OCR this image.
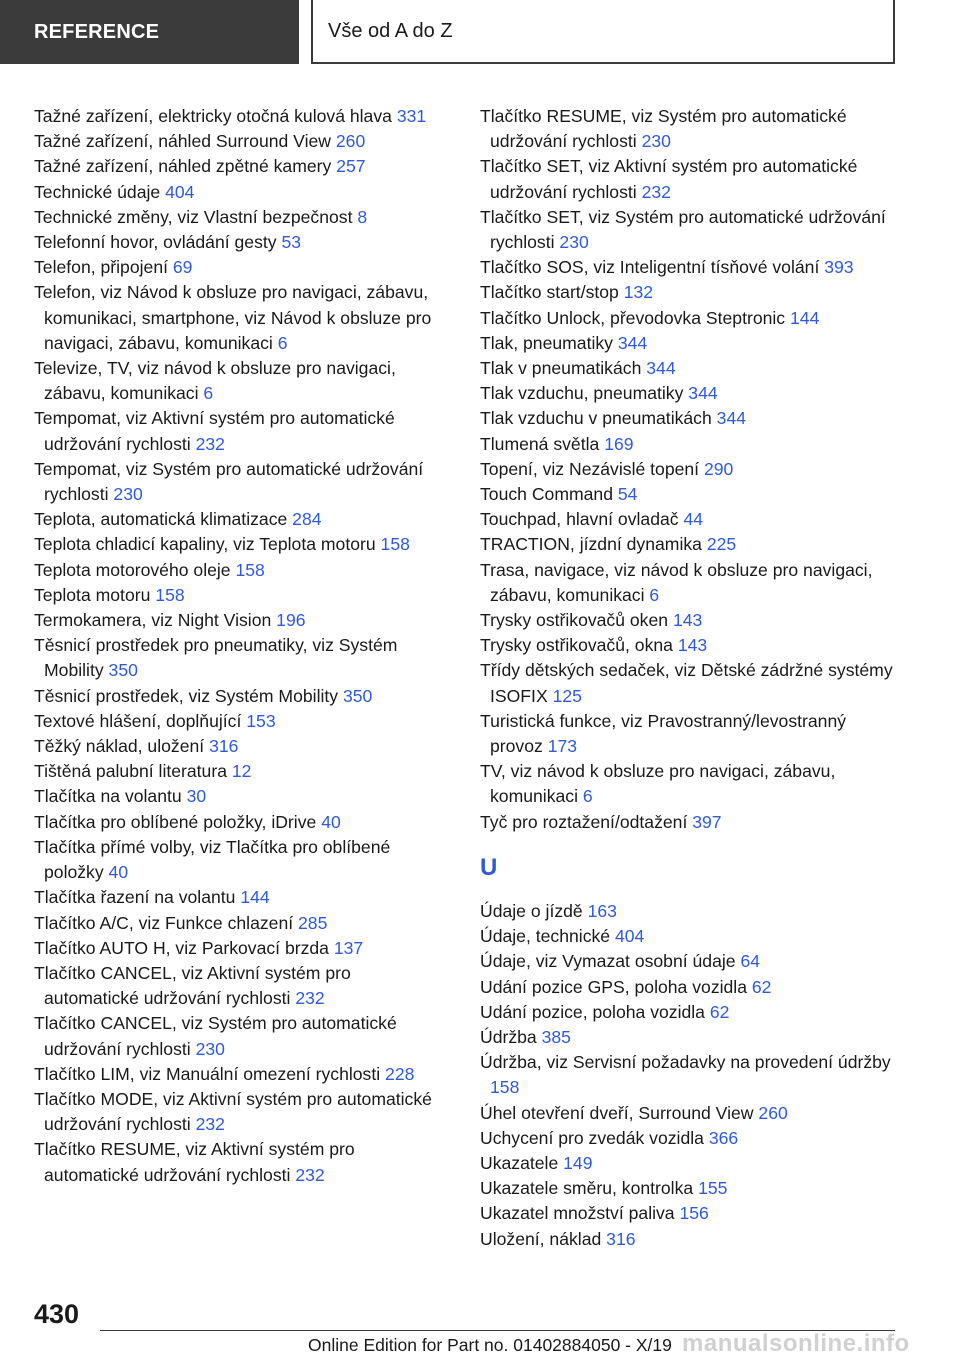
REFERENCE	Vše od A do Z
Tažné zařízení, elektricky otočná kulová hlava 331
Tažné zařízení, náhled Surround View 260
Tažné zařízení, náhled zpětné kamery 257
Technické údaje 404
Technické změny, viz Vlastní bezpečnost 8
Telefonní hovor, ovládání gesty 53
Telefon, připojení 69
Telefon, viz Návod k obsluze pro navigaci, zábavu, komunikaci, smartphone, viz Návod k obsluze pro navigaci, zábavu, komunikaci 6
Televize, TV, viz návod k obsluze pro navigaci, zábavu, komunikaci 6
Tempomat, viz Aktivní systém pro automatické udržování rychlosti 232
Tempomat, viz Systém pro automatické udržování rychlosti 230
Teplota, automatická klimatizace 284
Teplota chladicí kapaliny, viz Teplota motoru 158
Teplota motorového oleje 158
Teplota motoru 158
Termokamera, viz Night Vision 196
Těsnicí prostředek pro pneumatiky, viz Systém Mobility 350
Těsnicí prostředek, viz Systém Mobility 350
Textové hlášení, doplňující 153
Těžký náklad, uložení 316
Tištěná palubní literatura 12
Tlačítka na volantu 30
Tlačítka pro oblíbené položky, iDrive 40
Tlačítka přímé volby, viz Tlačítka pro oblíbené položky 40
Tlačítka řazení na volantu 144
Tlačítko A/C, viz Funkce chlazení 285
Tlačítko AUTO H, viz Parkovací brzda 137
Tlačítko CANCEL, viz Aktivní systém pro automatické udržování rychlosti 232
Tlačítko CANCEL, viz Systém pro automatické udržování rychlosti 230
Tlačítko LIM, viz Manuální omezení rychlosti 228
Tlačítko MODE, viz Aktivní systém pro automatické udržování rychlosti 232
Tlačítko RESUME, viz Aktivní systém pro automatické udržování rychlosti 232
Tlačítko RESUME, viz Systém pro automatické udržování rychlosti 230
Tlačítko SET, viz Aktivní systém pro automatické udržování rychlosti 232
Tlačítko SET, viz Systém pro automatické udržování rychlosti 230
Tlačítko SOS, viz Inteligentní tísňové volání 393
Tlačítko start/stop 132
Tlačítko Unlock, převodovka Steptronic 144
Tlak, pneumatiky 344
Tlak v pneumatikách 344
Tlak vzduchu, pneumatiky 344
Tlak vzduchu v pneumatikách 344
Tlumená světla 169
Topení, viz Nezávislé topení 290
Touch Command 54
Touchpad, hlavní ovladač 44
TRACTION, jízdní dynamika 225
Trasa, navigace, viz návod k obsluze pro navigaci, zábavu, komunikaci 6
Trysky ostřikovačů oken 143
Trysky ostřikovačů, okna 143
Třídy dětských sedaček, viz Dětské zádržné systémy ISOFIX 125
Turistická funkce, viz Pravostranný/levostranný provoz 173
TV, viz návod k obsluze pro navigaci, zábavu, komunikaci 6
Tyč pro roztažení/odtažení 397
U
Údaje o jízdě 163
Údaje, technické 404
Údaje, viz Vymazat osobní údaje 64
Udání pozice GPS, poloha vozidla 62
Udání pozice, poloha vozidla 62
Údržba 385
Údržba, viz Servisní požadavky na provedení údržby 158
Úhel otevření dveří, Surround View 260
Uchycení pro zvedák vozidla 366
Ukazatele 149
Ukazatele směru, kontrolka 155
Ukazatel množství paliva 156
Uložení, náklad 316
430
Online Edition for Part no. 01402884050 - X/19 manualsonline.info
